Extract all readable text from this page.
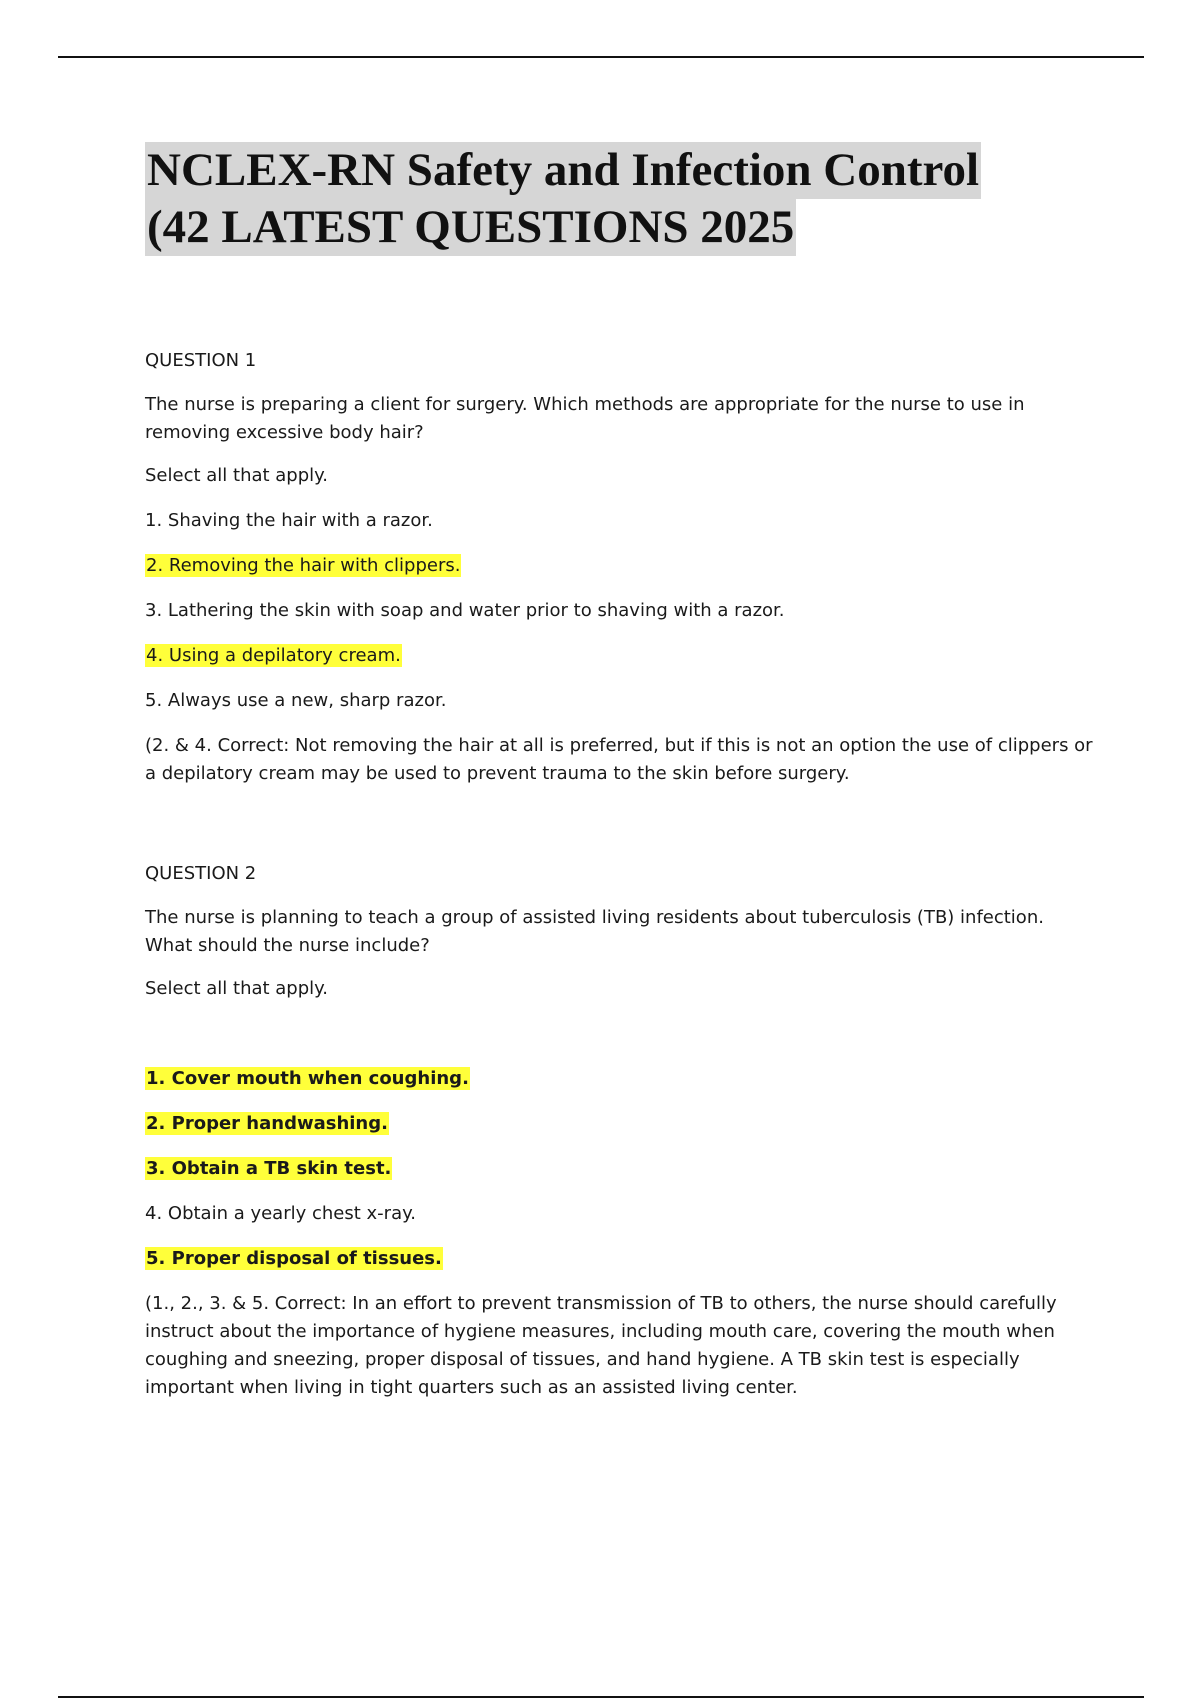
NCLEX-RN Safety and Infection Control
(42 LATEST QUESTIONS 2025
QUESTION 1

The nurse is preparing a client for surgery. Which methods are appropriate for the nurse to use in removing excessive body hair?

Select all that apply.

1. Shaving the hair with a razor.
2. Removing the hair with clippers.
3. Lathering the skin with soap and water prior to shaving with a razor.
4. Using a depilatory cream.
5. Always use a new, sharp razor.

(2. & 4. Correct: Not removing the hair at all is preferred, but if this is not an option the use of clippers or a depilatory cream may be used to prevent trauma to the skin before surgery.

QUESTION 2

The nurse is planning to teach a group of assisted living residents about tuberculosis (TB) infection. What should the nurse include?

Select all that apply.

1. Cover mouth when coughing.
2. Proper handwashing.
3. Obtain a TB skin test.
4. Obtain a yearly chest x-ray.
5. Proper disposal of tissues.

(1., 2., 3. & 5. Correct: In an effort to prevent transmission of TB to others, the nurse should carefully instruct about the importance of hygiene measures, including mouth care, covering the mouth when coughing and sneezing, proper disposal of tissues, and hand hygiene. A TB skin test is especially important when living in tight quarters such as an assisted living center.
